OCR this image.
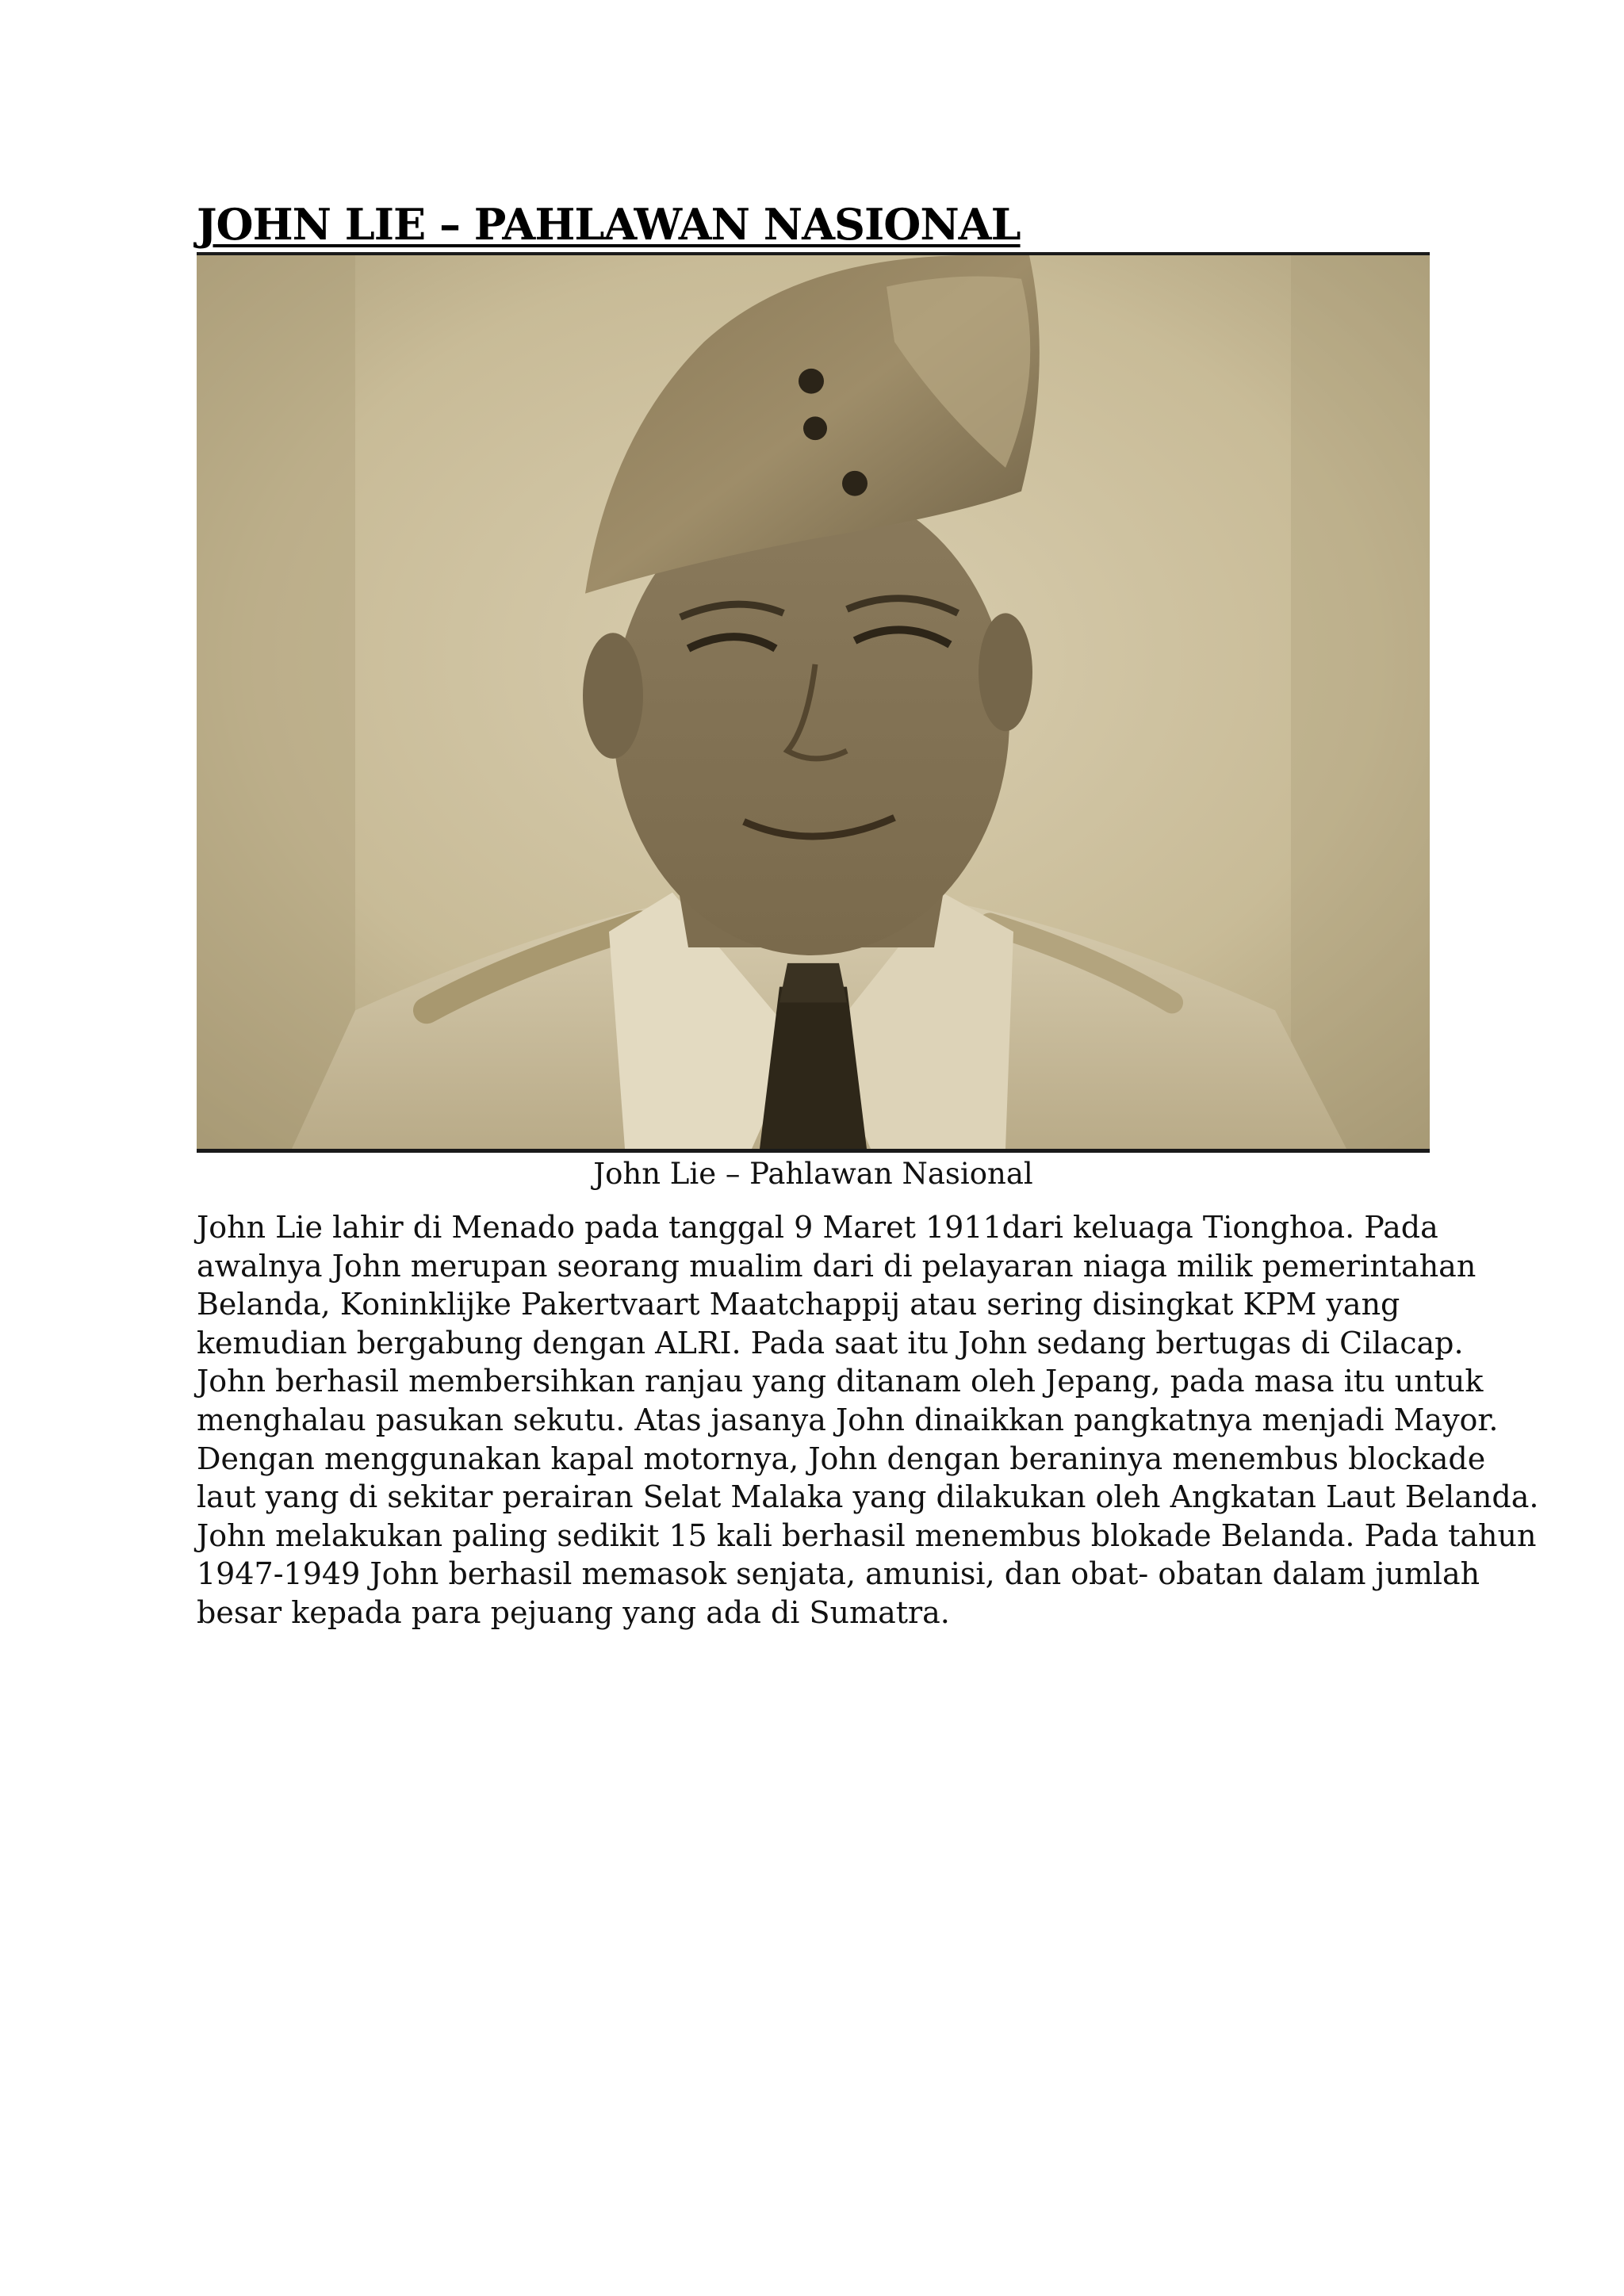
JOHN LIE – PAHLAWAN NASIONAL
John Lie – Pahlawan Nasional
John Lie lahir di Menado pada tanggal 9 Maret 1911dari keluaga Tionghoa. Pada
awalnya John merupan seorang mualim dari di pelayaran niaga milik pemerintahan
Belanda, Koninklijke Pakertvaart Maatchappij atau sering disingkat KPM yang
kemudian bergabung dengan ALRI. Pada saat itu John sedang bertugas di Cilacap.
John berhasil membersihkan ranjau yang ditanam oleh Jepang, pada masa itu untuk
menghalau pasukan sekutu. Atas jasanya John dinaikkan pangkatnya menjadi Mayor.
Dengan menggunakan kapal motornya, John dengan beraninya menembus blockade
laut yang di sekitar perairan Selat Malaka yang dilakukan oleh Angkatan Laut Belanda.
John melakukan paling sedikit 15 kali berhasil menembus blokade Belanda. Pada tahun
1947-1949 John berhasil memasok senjata, amunisi, dan obat- obatan dalam jumlah
besar kepada para pejuang yang ada di Sumatra.
